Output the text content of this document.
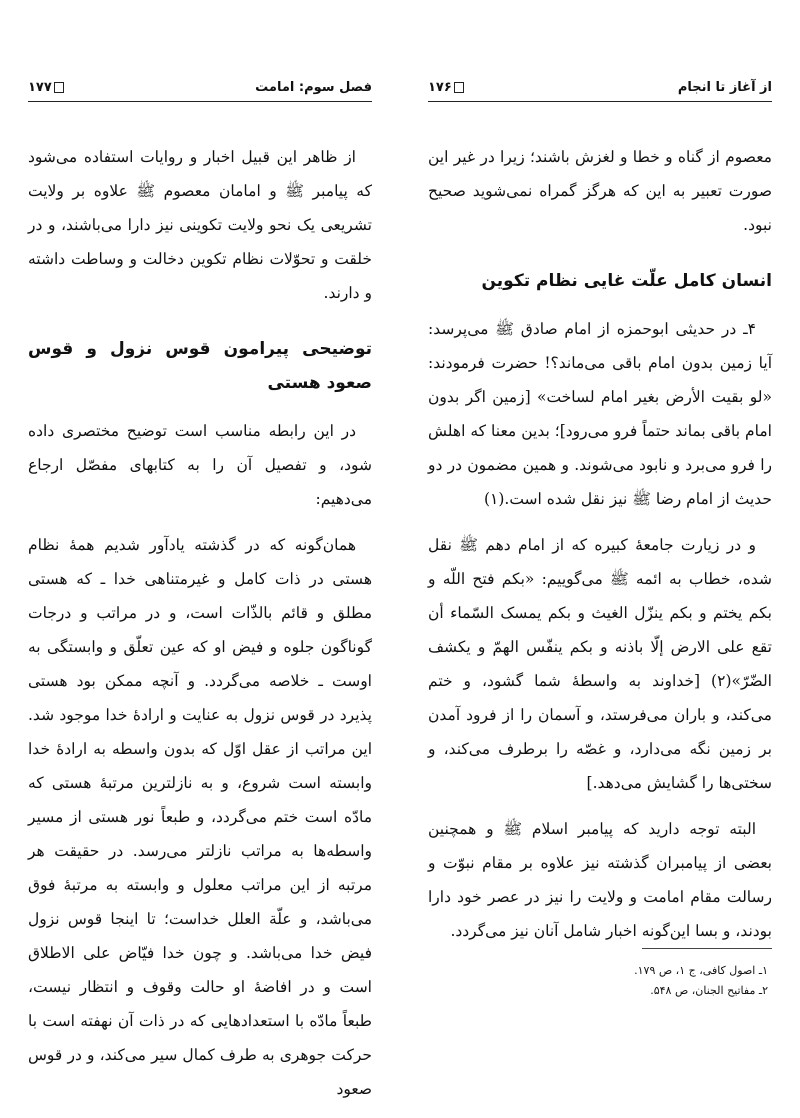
فصل سوم: امامت
۱۷۷

از ظاهر این قبیل اخبار و روایات استفاده می‌شود که پیامبر ﷺ و امامان معصوم ﷺ علاوه بر ولایت تشریعی یک نحو ولایت تکوینی نیز دارا می‌باشند، و در خلقت و تحوّلات نظام تکوین دخالت و وساطت داشته و دارند.

توضیحی پیرامون قوس نزول و قوس صعود هستی

در این رابطه مناسب است توضیح مختصری داده شود، و تفصیل آن را به کتابهای مفصّل ارجاع می‌دهیم:

همان‌گونه که در گذشته یادآور شدیم همهٔ نظام هستی در ذات کامل و غیرمتناهی خدا ـ که هستی مطلق و قائم بالذّات است، و در مراتب و درجات گوناگون جلوه و فیض او که عین تعلّق و وابستگی به اوست ـ خلاصه می‌گردد. و آنچه ممکن بود هستی پذیرد در قوس نزول به عنایت و ارادهٔ خدا موجود شد. این مراتب از عقل اوّل که بدون واسطه به ارادهٔ خدا وابسته است شروع، و به نازلترین مرتبهٔ هستی که مادّه است ختم می‌گردد، و طبعاً نور هستی از مسیر واسطه‌ها به مراتب نازلتر می‌رسد. در حقیقت هر مرتبه از این مراتب معلول و وابسته به مرتبهٔ فوق می‌باشد، و علّة العلل خداست؛ تا اینجا قوس نزول فیض خدا می‌باشد. و چون خدا فیّاض علی الاطلاق است و در افاضهٔ او حالت وقوف و انتظار نیست، طبعاً مادّه با استعدادهایی که در ذات آن نهفته است با حرکت جوهری به طرف کمال سیر می‌کند، و در قوس صعود

از آغاز تا انجام
۱۷۶

معصوم از گناه و خطا و لغزش باشند؛ زیرا در غیر این صورت تعبیر به این که هرگز گمراه نمی‌شوید صحیح نبود.

انسان کامل علّت غایی نظام تکوین

۴ـ در حدیثی ابوحمزه از امام صادق ﷺ می‌پرسد: آیا زمین بدون امام باقی می‌ماند؟! حضرت فرمودند: «لو بقیت الأرض بغیر امام لساخت» [زمین اگر بدون امام باقی بماند حتماً فرو می‌رود]؛ بدین معنا که اهلش را فرو می‌برد و نابود می‌شوند. و همین مضمون در دو حدیث از امام رضا ﷺ نیز نقل شده است.(۱)

و در زیارت جامعهٔ کبیره که از امام دهم ﷺ نقل شده، خطاب به ائمه ﷺ می‌گوییم: «بکم فتح اللّه و بکم یختم و بکم ینزّل الغیث و بکم یمسک السّماء أن تقع علی الارض إلّا باذنه و بکم ینفّس الهمّ و یکشف الضّرّ»(۲) [خداوند به واسطهٔ شما گشود، و ختم می‌کند، و باران می‌فرستد، و آسمان را از فرود آمدن بر زمین نگه می‌دارد، و غصّه را برطرف می‌کند، و سختی‌ها را گشایش می‌دهد.]

البته توجه دارید که پیامبر اسلام ﷺ و همچنین بعضی از پیامبران گذشته نیز علاوه بر مقام نبوّت و رسالت مقام امامت و ولایت را نیز در عصر خود دارا بودند، و بسا این‌گونه اخبار شامل آنان نیز می‌گردد.

۱ـ اصول کافی، ج ۱، ص ۱۷۹.
۲ـ مفاتیح الجنان، ص ۵۴۸.
